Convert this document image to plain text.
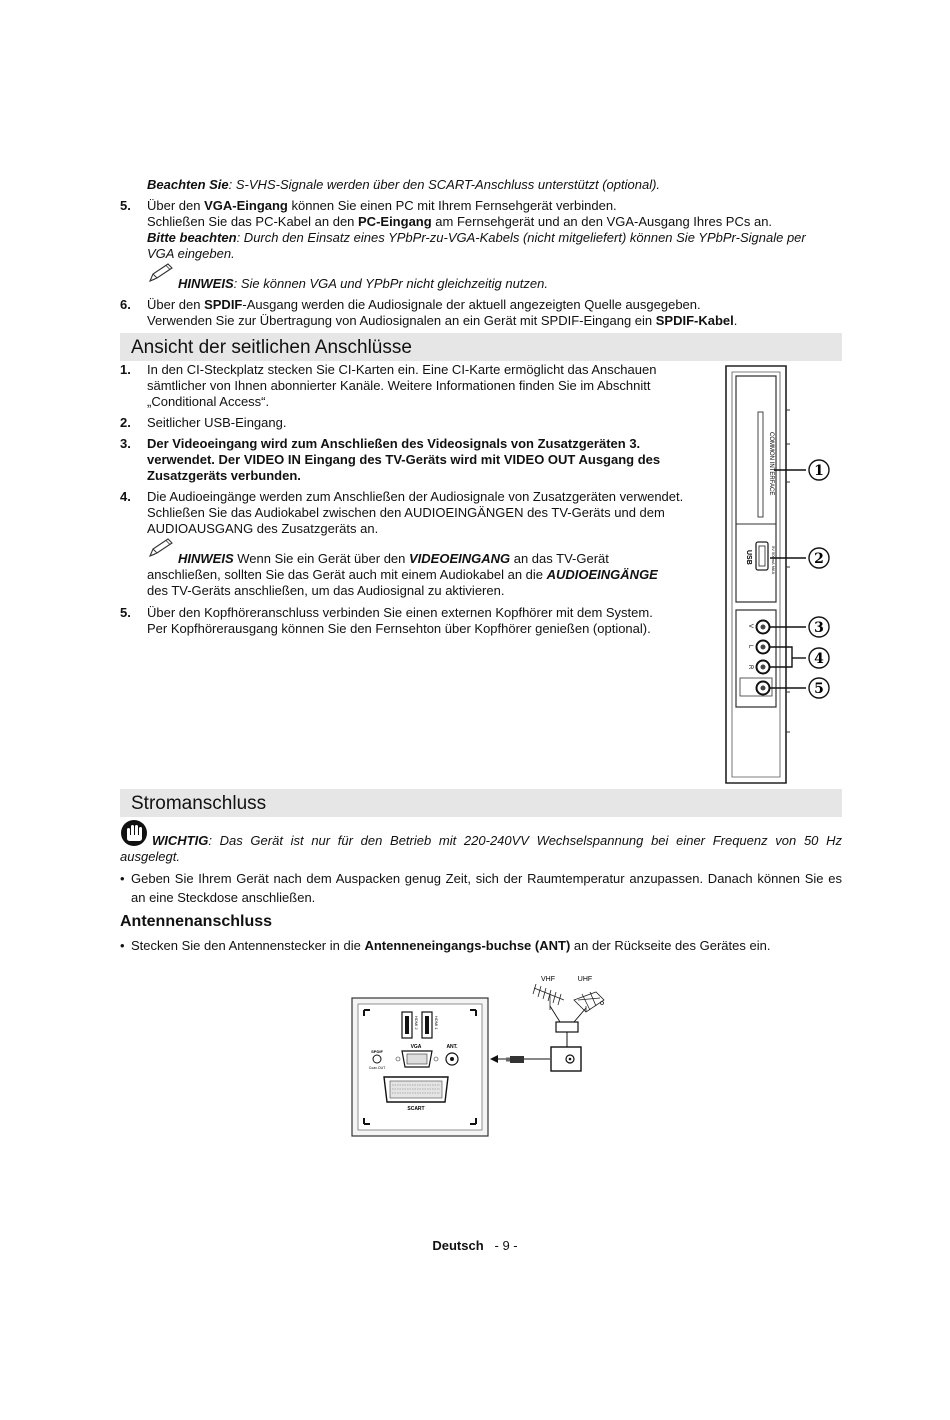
Beachten Sie: S-VHS-Signale werden über den SCART-Anschluss unterstützt (optional).
5. Über den VGA-Eingang können Sie einen PC mit Ihrem Fernsehgerät verbinden.
Schließen Sie das PC-Kabel an den PC-Eingang am Fernsehgerät und an den VGA-Ausgang Ihres PCs an.
Bitte beachten: Durch den Einsatz eines YPbPr-zu-VGA-Kabels (nicht mitgeliefert) können Sie YPbPr-Signale per
VGA eingeben.
HINWEIS: Sie können VGA und YPbPr nicht gleichzeitig nutzen.
6. Über den SPDIF-Ausgang werden die Audiosignale der aktuell angezeigten Quelle ausgegeben.
Verwenden Sie zur Übertragung von Audiosignalen an ein Gerät mit SPDIF-Eingang ein SPDIF-Kabel.
Ansicht der seitlichen Anschlüsse
1. In den CI-Steckplatz stecken Sie CI-Karten ein. Eine CI-Karte ermöglicht das Anschauen
sämtlicher von Ihnen abonnierter Kanäle. Weitere Informationen finden Sie im Abschnitt
„Conditional Access“.
2. Seitlicher USB-Eingang.
3. Der Videoeingang wird zum Anschließen des Videosignals von Zusatzgeräten 3.
verwendet. Der VIDEO IN Eingang des TV-Geräts wird mit VIDEO OUT Ausgang des
Zusatzgeräts verbunden.
4. Die Audioeingänge werden zum Anschließen der Audiosignale von Zusatzgeräten verwendet.
Schließen Sie das Audiokabel zwischen den AUDIOEINGÄNGEN des TV-Geräts und dem
AUDIOAUSGANG des Zusatzgeräts an.
HINWEIS Wenn Sie ein Gerät über den VIDEOEINGANG an das TV-Gerät
anschließen, sollten Sie das Gerät auch mit einem Audiokabel an die AUDIOEINGÄNGE
des TV-Geräts anschließen, um das Audiosignal zu aktivieren.
5. Über den Kopfhöreranschluss verbinden Sie einen externen Kopfhörer mit dem System.
Per Kopfhörerausgang können Sie den Fernsehton über Kopfhörer genießen (optional).
COMMON INTERFACE
USB	5V 500mA MAX
V
L
R
1
2
3
4
5
Stromanschluss
WICHTIG: Das Gerät ist nur für den Betrieb mit 220-240VV Wechselspannung bei einer Frequenz von 50 Hz
ausgelegt.
• Geben Sie Ihrem Gerät nach dem Auspacken genug Zeit, sich der Raumtemperatur anzupassen. Danach können Sie es
an eine Steckdose anschließen.
Antennenanschluss
• Stecken Sie den Antennenstecker in die Antenneneingangs-buchse (ANT) an der Rückseite des Gerätes ein.
HDMI 2	HDMI 1
VGA	ANT.
SPDIF
Coax.OUT
SCART
VHF	UHF
Deutsch - 9 -
